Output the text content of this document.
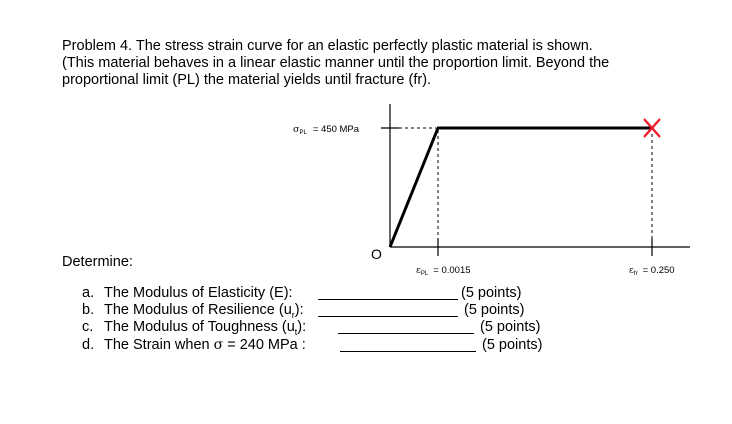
Problem 4. The stress strain curve for an elastic perfectly plastic material is shown.
(This material behaves in a linear elastic manner until the proportion limit. Beyond the
proportional limit (PL) the material yields until fracture (fr).
O
$\sigma_{PL} = 450$ MPa
$\varepsilon_{PL} = 0.0015$	$\varepsilon_{fr} = 0.250$
Determine:
a. The Modulus of Elasticity (E):	(5 points)
b. The Modulus of Resilience $(u_r)$:	(5 points)
c. The Modulus of Toughness $(u_t)$:	(5 points)
d. The Strain when σ = 240 MPa :	(5 points)
